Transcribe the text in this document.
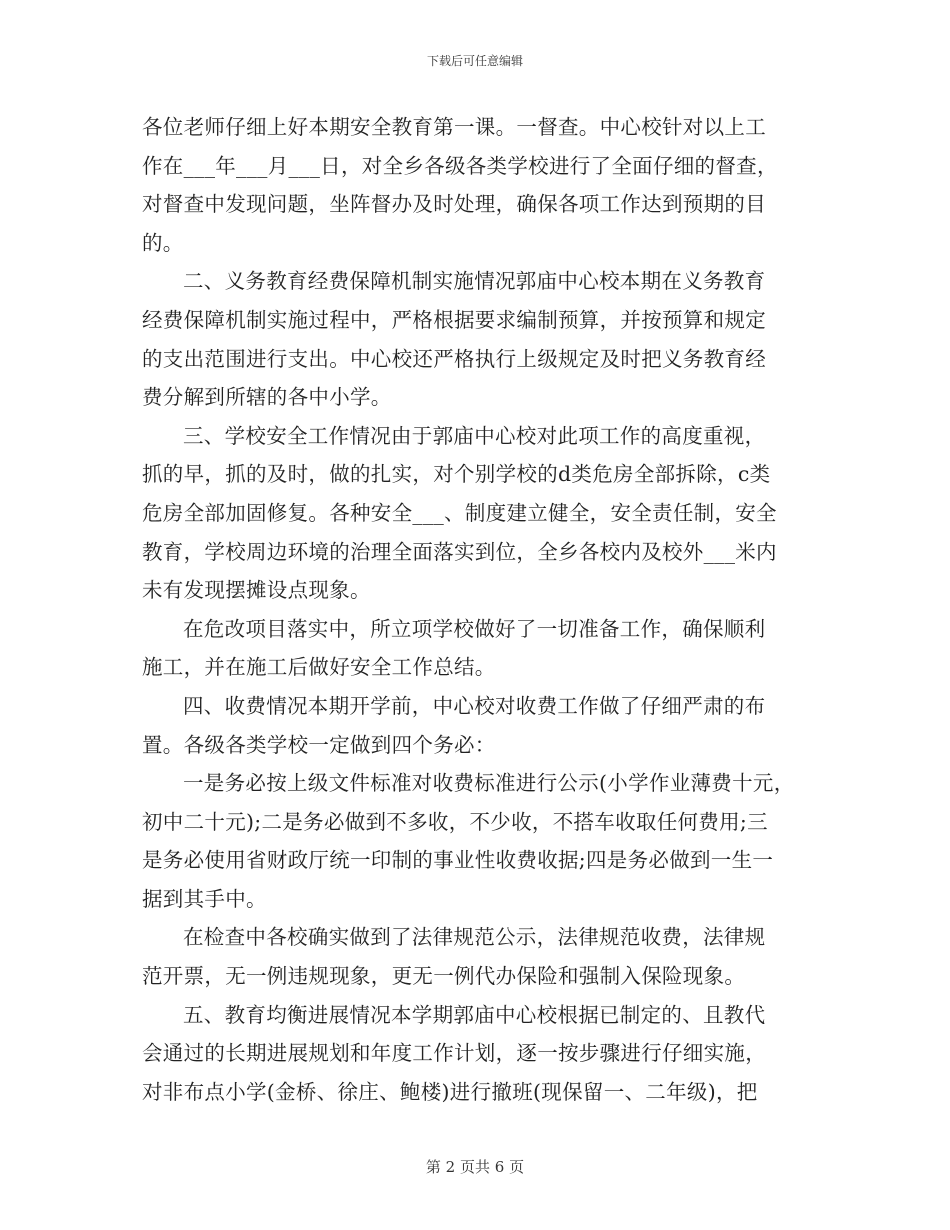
下载后可任意编辑
各位老师仔细上好本期安全教育第一课。一督查。中心校针对以上工
作在___年___月___日，对全乡各级各类学校进行了全面仔细的督查，
对督查中发现问题，坐阵督办及时处理，确保各项工作达到预期的目
的。
二、义务教育经费保障机制实施情况郭庙中心校本期在义务教育
经费保障机制实施过程中，严格根据要求编制预算，并按预算和规定
的支出范围进行支出。中心校还严格执行上级规定及时把义务教育经
费分解到所辖的各中小学。
三、学校安全工作情况由于郭庙中心校对此项工作的高度重视，
抓的早，抓的及时，做的扎实，对个别学校的d类危房全部拆除，c类
危房全部加固修复。各种安全___、制度建立健全，安全责任制，安全
教育，学校周边环境的治理全面落实到位，全乡各校内及校外___米内
未有发现摆摊设点现象。
在危改项目落实中，所立项学校做好了一切准备工作，确保顺利
施工，并在施工后做好安全工作总结。
四、收费情况本期开学前，中心校对收费工作做了仔细严肃的布
置。各级各类学校一定做到四个务必：
一是务必按上级文件标准对收费标准进行公示(小学作业薄费十元，
初中二十元);二是务必做到不多收，不少收，不搭车收取任何费用;三
是务必使用省财政厅统一印制的事业性收费收据;四是务必做到一生一
据到其手中。
在检查中各校确实做到了法律规范公示，法律规范收费，法律规
范开票，无一例违规现象，更无一例代办保险和强制入保险现象。
五、教育均衡进展情况本学期郭庙中心校根据已制定的、且教代
会通过的长期进展规划和年度工作计划，逐一按步骤进行仔细实施，
对非布点小学(金桥、徐庄、鲍楼)进行撤班(现保留一、二年级)，把
第 2 页共 6 页
